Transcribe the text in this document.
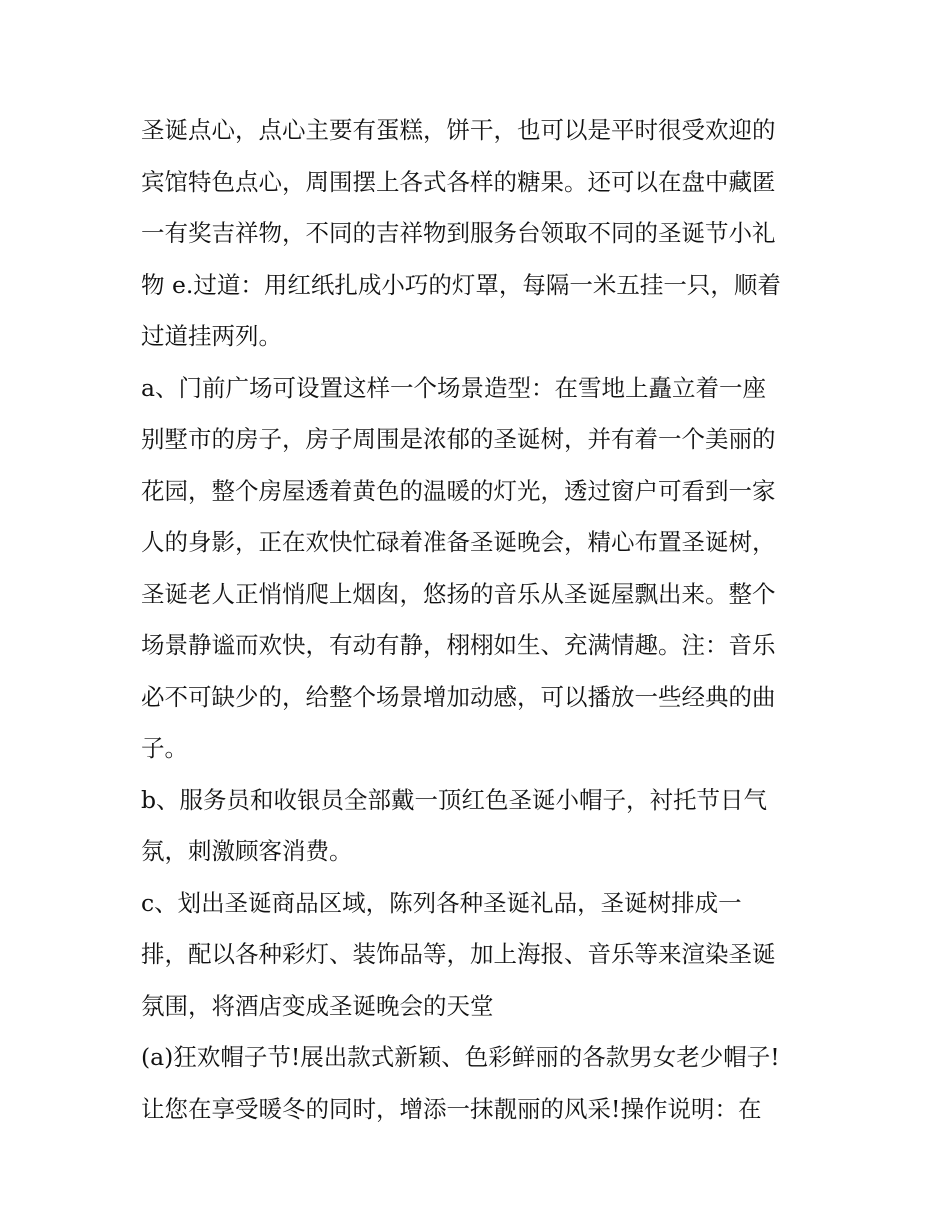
圣诞点心，点心主要有蛋糕，饼干，也可以是平时很受欢迎的
宾馆特色点心，周围摆上各式各样的糖果。还可以在盘中藏匿
一有奖吉祥物，不同的吉祥物到服务台领取不同的圣诞节小礼
物 e.过道：用红纸扎成小巧的灯罩，每隔一米五挂一只，顺着
过道挂两列。
a、门前广场可设置这样一个场景造型：在雪地上矗立着一座
别墅市的房子，房子周围是浓郁的圣诞树，并有着一个美丽的
花园，整个房屋透着黄色的温暖的灯光，透过窗户可看到一家
人的身影，正在欢快忙碌着准备圣诞晚会，精心布置圣诞树，
圣诞老人正悄悄爬上烟囱，悠扬的音乐从圣诞屋飘出来。整个
场景静谧而欢快，有动有静，栩栩如生、充满情趣。注：音乐
必不可缺少的，给整个场景增加动感，可以播放一些经典的曲
子。
b、服务员和收银员全部戴一顶红色圣诞小帽子，衬托节日气
氛，刺激顾客消费。
c、划出圣诞商品区域，陈列各种圣诞礼品，圣诞树排成一
排，配以各种彩灯、装饰品等，加上海报、音乐等来渲染圣诞
氛围，将酒店变成圣诞晚会的天堂
(a)狂欢帽子节!展出款式新颖、色彩鲜丽的各款男女老少帽子!
让您在享受暖冬的同时，增添一抹靓丽的风采!操作说明：在
